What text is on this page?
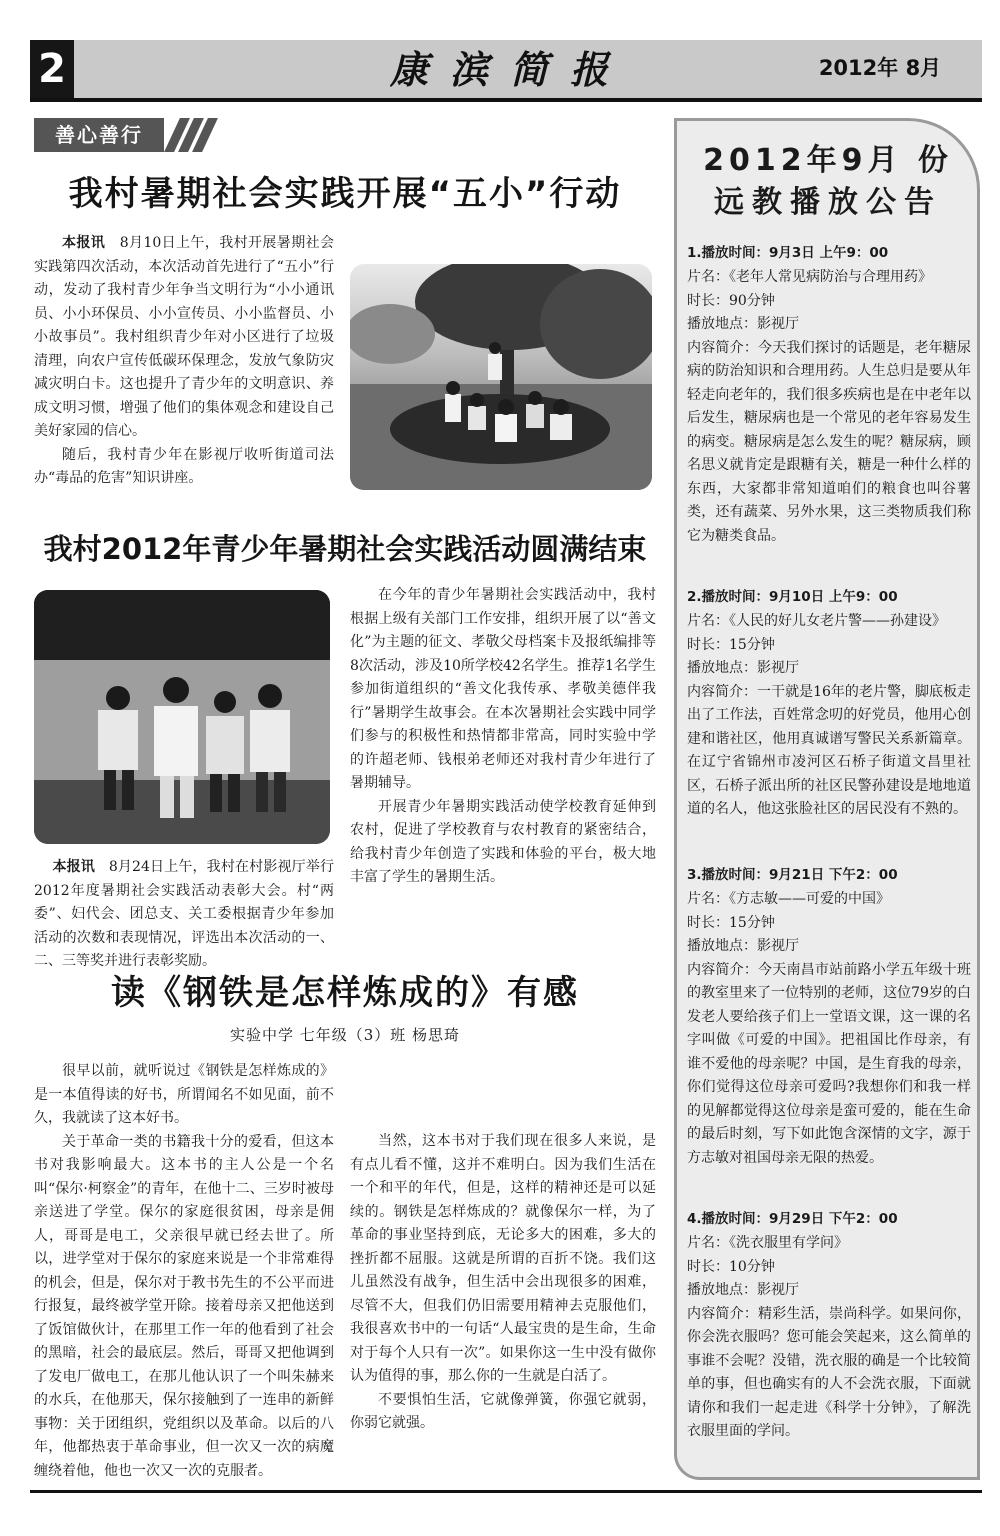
2	康滨简报	2012年 8月
善心善行
我村暑期社会实践开展“五小”行动

本报讯 8月10日上午，我村开展暑期社会实践第四次活动，本次活动首先进行了“五小”行动，发动了我村青少年争当文明行为“小小通讯员、小小环保员、小小宣传员、小小监督员、小小故事员”。我村组织青少年对小区进行了垃圾清理，向农户宣传低碳环保理念，发放气象防灾减灾明白卡。这也提升了青少年的文明意识、养成文明习惯，增强了他们的集体观念和建设自己美好家园的信心。

随后，我村青少年在影视厅收听街道司法办“毒品的危害”知识讲座。

我村2012年青少年暑期社会实践活动圆满结束

本报讯 8月24日上午，我村在村影视厅举行2012年度暑期社会实践活动表彰大会。村“两委”、妇代会、团总支、关工委根据青少年参加活动的次数和表现情况，评选出本次活动的一、二、三等奖并进行表彰奖励。

在今年的青少年暑期社会实践活动中，我村根据上级有关部门工作安排，组织开展了以“善文化”为主题的征文、孝敬父母档案卡及报纸编排等8次活动，涉及10所学校42名学生。推荐1名学生参加街道组织的“善文化我传承、孝敬美德伴我行”暑期学生故事会。在本次暑期社会实践中同学们参与的积极性和热情都非常高，同时实验中学的许超老师、钱根弟老师还对我村青少年进行了暑期辅导。

开展青少年暑期实践活动使学校教育延伸到农村，促进了学校教育与农村教育的紧密结合，给我村青少年创造了实践和体验的平台，极大地丰富了学生的暑期生活。

读《钢铁是怎样炼成的》有感
实验中学 七年级（3）班 杨思琦

很早以前，就听说过《钢铁是怎样炼成的》是一本值得读的好书，所谓闻名不如见面，前不久，我就读了这本好书。

关于革命一类的书籍我十分的爱看，但这本书对我影响最大。这本书的主人公是一个名叫“保尔·柯察金”的青年，在他十二、三岁时被母亲送进了学堂。保尔的家庭很贫困，母亲是佣人，哥哥是电工，父亲很早就已经去世了。所以，进学堂对于保尔的家庭来说是一个非常难得的机会，但是，保尔对于教书先生的不公平而进行报复，最终被学堂开除。接着母亲又把他送到了饭馆做伙计，在那里工作一年的他看到了社会的黑暗，社会的最底层。然后，哥哥又把他调到了发电厂做电工，在那儿他认识了一个叫朱赫来的水兵，在他那天，保尔接触到了一连串的新鲜事物：关于团组织，党组织以及革命。以后的八年，他都热衷于革命事业，但一次又一次的病魔缠绕着他，他也一次又一次的克服者。

当然，这本书对于我们现在很多人来说，是有点儿看不懂，这并不难明白。因为我们生活在一个和平的年代，但是，这样的精神还是可以延续的。钢铁是怎样炼成的？就像保尔一样，为了革命的事业坚持到底，无论多大的困难，多大的挫折都不屈服。这就是所谓的百折不饶。我们这儿虽然没有战争，但生活中会出现很多的困难，尽管不大，但我们仍旧需要用精神去克服他们，我很喜欢书中的一句话“人最宝贵的是生命，生命对于每个人只有一次”。如果你这一生中没有做你认为值得的事，那么你的一生就是白活了。

不要惧怕生活，它就像弹簧，你强它就弱，你弱它就强。

2012年9月 份
远教播放公告
1.播放时间：9月3日 上午9：00
片名：《老年人常见病防治与合理用药》
时长：90分钟
播放地点：影视厅

内容简介：今天我们探讨的话题是，老年糖尿病的防治知识和合理用药。人生总归是要从年轻走向老年的，我们很多疾病也是在中老年以后发生，糖尿病也是一个常见的老年容易发生的病变。糖尿病是怎么发生的呢？糖尿病，顾名思义就肯定是跟糖有关，糖是一种什么样的东西，大家都非常知道咱们的粮食也叫谷薯类，还有蔬菜、另外水果，这三类物质我们称它为糖类食品。

2.播放时间：9月10日 上午9：00
片名：《人民的好儿女老片警——孙建设》
时长：15分钟
播放地点：影视厅

内容简介：一干就是16年的老片警，脚底板走出了工作法，百姓常念叨的好党员，他用心创建和谐社区，他用真诚谱写警民关系新篇章。在辽宁省锦州市凌河区石桥子街道文昌里社区，石桥子派出所的社区民警孙建设是地地道道的名人，他这张脸社区的居民没有不熟的。

3.播放时间：9月21日 下午2：00
片名：《方志敏——可爱的中国》
时长：15分钟
播放地点：影视厅

内容简介：今天南昌市站前路小学五年级十班的教室里来了一位特别的老师，这位79岁的白发老人要给孩子们上一堂语文课，这一课的名字叫做《可爱的中国》。把祖国比作母亲，有谁不爱他的母亲呢？中国，是生育我的母亲，你们觉得这位母亲可爱吗?我想你们和我一样的见解都觉得这位母亲是蛮可爱的，能在生命的最后时刻，写下如此饱含深情的文字，源于方志敏对祖国母亲无限的热爱。

4.播放时间：9月29日 下午2：00
片名：《洗衣服里有学问》
时长：10分钟
播放地点：影视厅

内容简介：精彩生活，崇尚科学。如果问你，你会洗衣服吗？您可能会笑起来，这么简单的事谁不会呢？没错，洗衣服的确是一个比较简单的事，但也确实有的人不会洗衣服，下面就请你和我们一起走进《科学十分钟》，了解洗衣服里面的学问。
